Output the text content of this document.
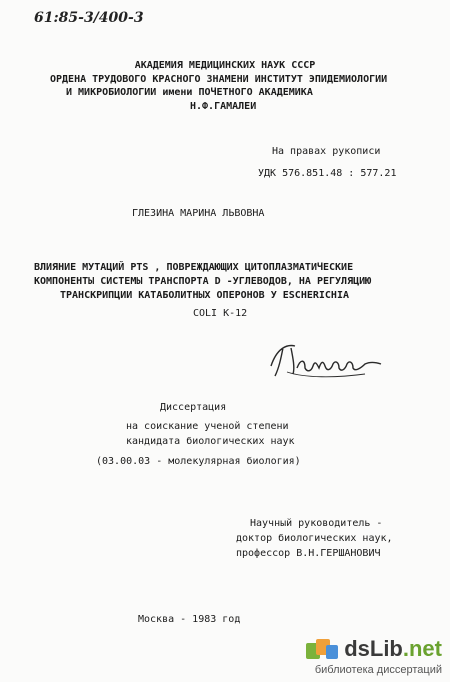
61:85-3/400-3
АКАДЕМИЯ МЕДИЦИНСКИХ НАУК СССР
ОРДЕНА ТРУДОВОГО КРАСНОГО ЗНАМЕНИ ИНСТИТУТ ЭПИДЕМИОЛОГИИ
И МИКРОБИОЛОГИИ имени ПОЧЕТНОГО АКАДЕМИКА
Н.Ф.ГАМАЛЕИ
На правах рукописи
УДК 576.851.48 : 577.21
ГЛЕЗИНА МАРИНА ЛЬВОВНА
ВЛИЯНИЕ МУТАЦИЙ PTS , ПОВРЕЖДАЮЩИХ ЦИТОПЛАЗМАТИЧЕСКИЕ
КОМПОНЕНТЫ СИСТЕМЫ ТРАНСПОРТА D -УГЛЕВОДОВ, НА РЕГУЛЯЦИЮ
ТРАНСКРИПЦИИ КАТАБОЛИТНЫХ ОПЕРОНОВ У ESCHERICHIA
COLI K-12
Диссертация
на соискание ученой степени
кандидата биологических наук
(03.00.03 - молекулярная биология)
Научный руководитель -
доктор биологических наук,
профессор В.Н.ГЕРШАНОВИЧ
Москва - 1983 год
dsLib.net
библиотека диссертаций
